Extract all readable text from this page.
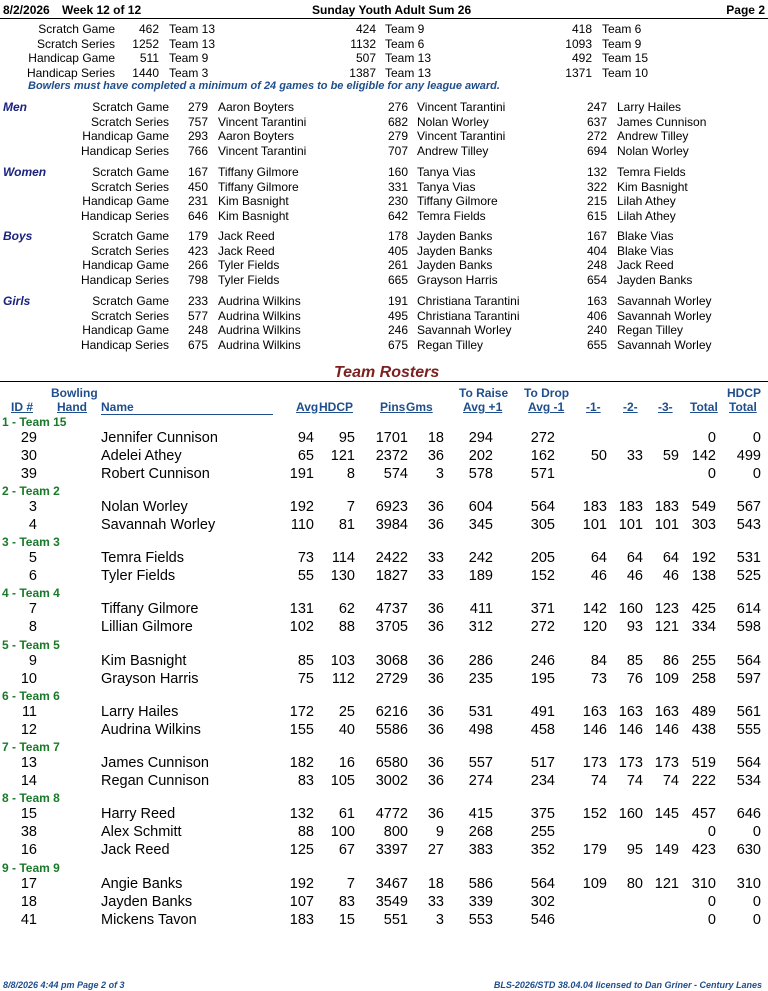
8/2/2026 Week 12 of 12	Sunday Youth Adult Sum 26	Page 2
Scratch Game 462 Team 13	424 Team 9	418 Team 6
Scratch Series 1252 Team 13	1132 Team 6	1093 Team 9
Handicap Game 511 Team 9	507 Team 13	492 Team 15
Handicap Series 1440 Team 3	1387 Team 13	1371 Team 10
Bowlers must have completed a minimum of 24 games to be eligible for any league award.
Men	Scratch Game 279 Aaron Boyters	276 Vincent Tarantini	247 Larry Hailes
Scratch Series 757 Vincent Tarantini	682 Nolan Worley	637 James Cunnison
Handicap Game 293 Aaron Boyters	279 Vincent Tarantini	272 Andrew Tilley
Handicap Series 766 Vincent Tarantini	707 Andrew Tilley	694 Nolan Worley
Women	Scratch Game 167 Tiffany Gilmore	160 Tanya Vias	132 Temra Fields
Scratch Series 450 Tiffany Gilmore	331 Tanya Vias	322 Kim Basnight
Handicap Game 231 Kim Basnight	230 Tiffany Gilmore	215 Lilah Athey
Handicap Series 646 Kim Basnight	642 Temra Fields	615 Lilah Athey
Boys	Scratch Game 179 Jack Reed	178 Jayden Banks	167 Blake Vias
Scratch Series 423 Jack Reed	405 Jayden Banks	404 Blake Vias
Handicap Game 266 Tyler Fields	261 Jayden Banks	248 Jack Reed
Handicap Series 798 Tyler Fields	665 Grayson Harris	654 Jayden Banks
Girls	Scratch Game 233 Audrina Wilkins	191 Christiana Tarantini	163 Savannah Worley
Scratch Series 577 Audrina Wilkins	495 Christiana Tarantini	406 Savannah Worley
Handicap Game 248 Audrina Wilkins	246 Savannah Worley	240 Regan Tilley
Handicap Series 675 Audrina Wilkins	675 Regan Tilley	655 Savannah Worley
Team Rosters
Bowling	To Raise To Drop	HDCP
ID # Hand Name	Avg HDCP Pins Gms	Avg +1 Avg -1 -1- -2- -3- Total Total
1 - Team 15
29	Jennifer Cunnison	94 95 1701 18 294	272	0	0
30	Adelei Athey	65 121 2372 36 202	162 50 33 59 142 499
39	Robert Cunnison	191 8 574 3 578	571	0	0
2 - Team 2
3	Nolan Worley	192 7 6923 36 604	564 183 183 183 549 567
4	Savannah Worley	110 81 3984 36 345	305 101 101 101 303 543
3 - Team 3
5	Temra Fields	73 114 2422 33 242	205 64 64 64 192 531
6	Tyler Fields	55 130 1827 33 189	152 46 46 46 138 525
4 - Team 4
7	Tiffany Gilmore	131 62 4737 36 411	371 142 160 123 425 614
8	Lillian Gilmore	102 88 3705 36 312	272 120 93 121 334 598
5 - Team 5
9	Kim Basnight	85 103 3068 36 286	246 84 85 86 255 564
10	Grayson Harris	75 112 2729 36 235	195 73 76 109 258 597
6 - Team 6
11	Larry Hailes	172 25 6216 36 531	491 163 163 163 489 561
12	Audrina Wilkins	155 40 5586 36 498	458 146 146 146 438 555
7 - Team 7
13	James Cunnison	182 16 6580 36 557	517 173 173 173 519 564
14	Regan Cunnison	83 105 3002 36 274	234 74 74 74 222 534
8 - Team 8
15	Harry Reed	132 61 4772 36 415	375 152 160 145 457 646
38	Alex Schmitt	88 100 800 9 268	255	0	0
16	Jack Reed	125 67 3397 27 383	352 179 95 149 423 630
9 - Team 9
17	Angie Banks	192 7 3467 18 586	564 109 80 121 310 310
18	Jayden Banks	107 83 3549 33 339	302	0	0
41	Mickens Tavon	183 15 551 3 553	546	0	0
8/8/2026 4:44 pm Page 2 of 3	BLS-2026/STD 38.04.04 licensed to Dan Griner - Century Lanes
